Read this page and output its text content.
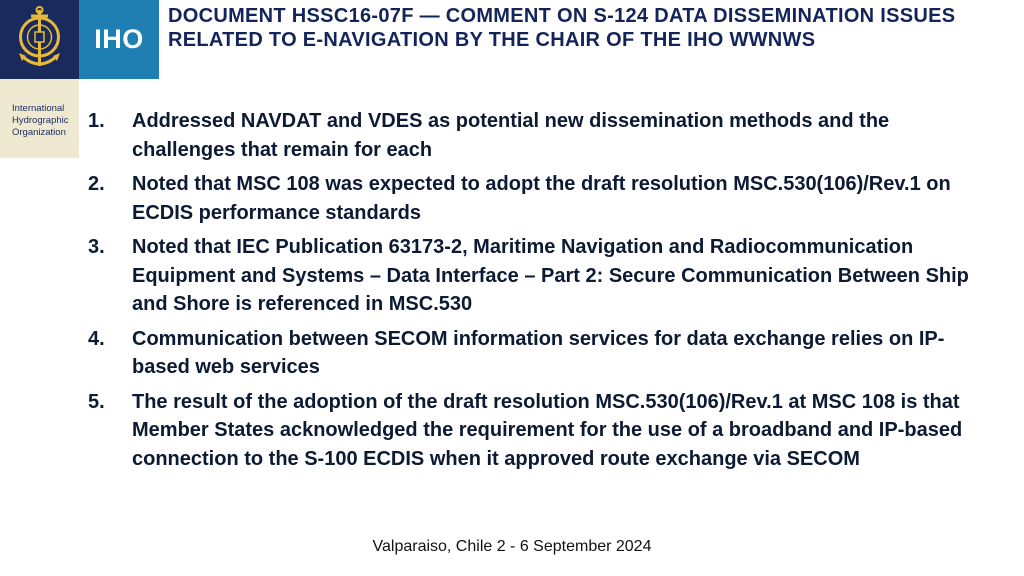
IHO
International
Hydrographic
Organization
DOCUMENT HSSC16-07F — COMMENT ON S-124 DATA DISSEMINATION ISSUES RELATED TO E-NAVIGATION BY THE CHAIR OF THE IHO WWNWS
1. Addressed NAVDAT and VDES as potential new dissemination methods and the challenges that remain for each
2. Noted that MSC 108 was expected to adopt the draft resolution MSC.530(106)/Rev.1 on ECDIS performance standards
3. Noted that IEC Publication 63173-2, Maritime Navigation and Radiocommunication Equipment and Systems – Data Interface – Part 2: Secure Communication Between Ship and Shore is referenced in MSC.530
4. Communication between SECOM information services for data exchange relies on IP-based web services
5. The result of the adoption of the draft resolution MSC.530(106)/Rev.1 at MSC 108 is that Member States acknowledged the requirement for the use of a broadband and IP-based connection to the S-100 ECDIS when it approved route exchange via SECOM
Valparaiso, Chile 2 - 6 September 2024
